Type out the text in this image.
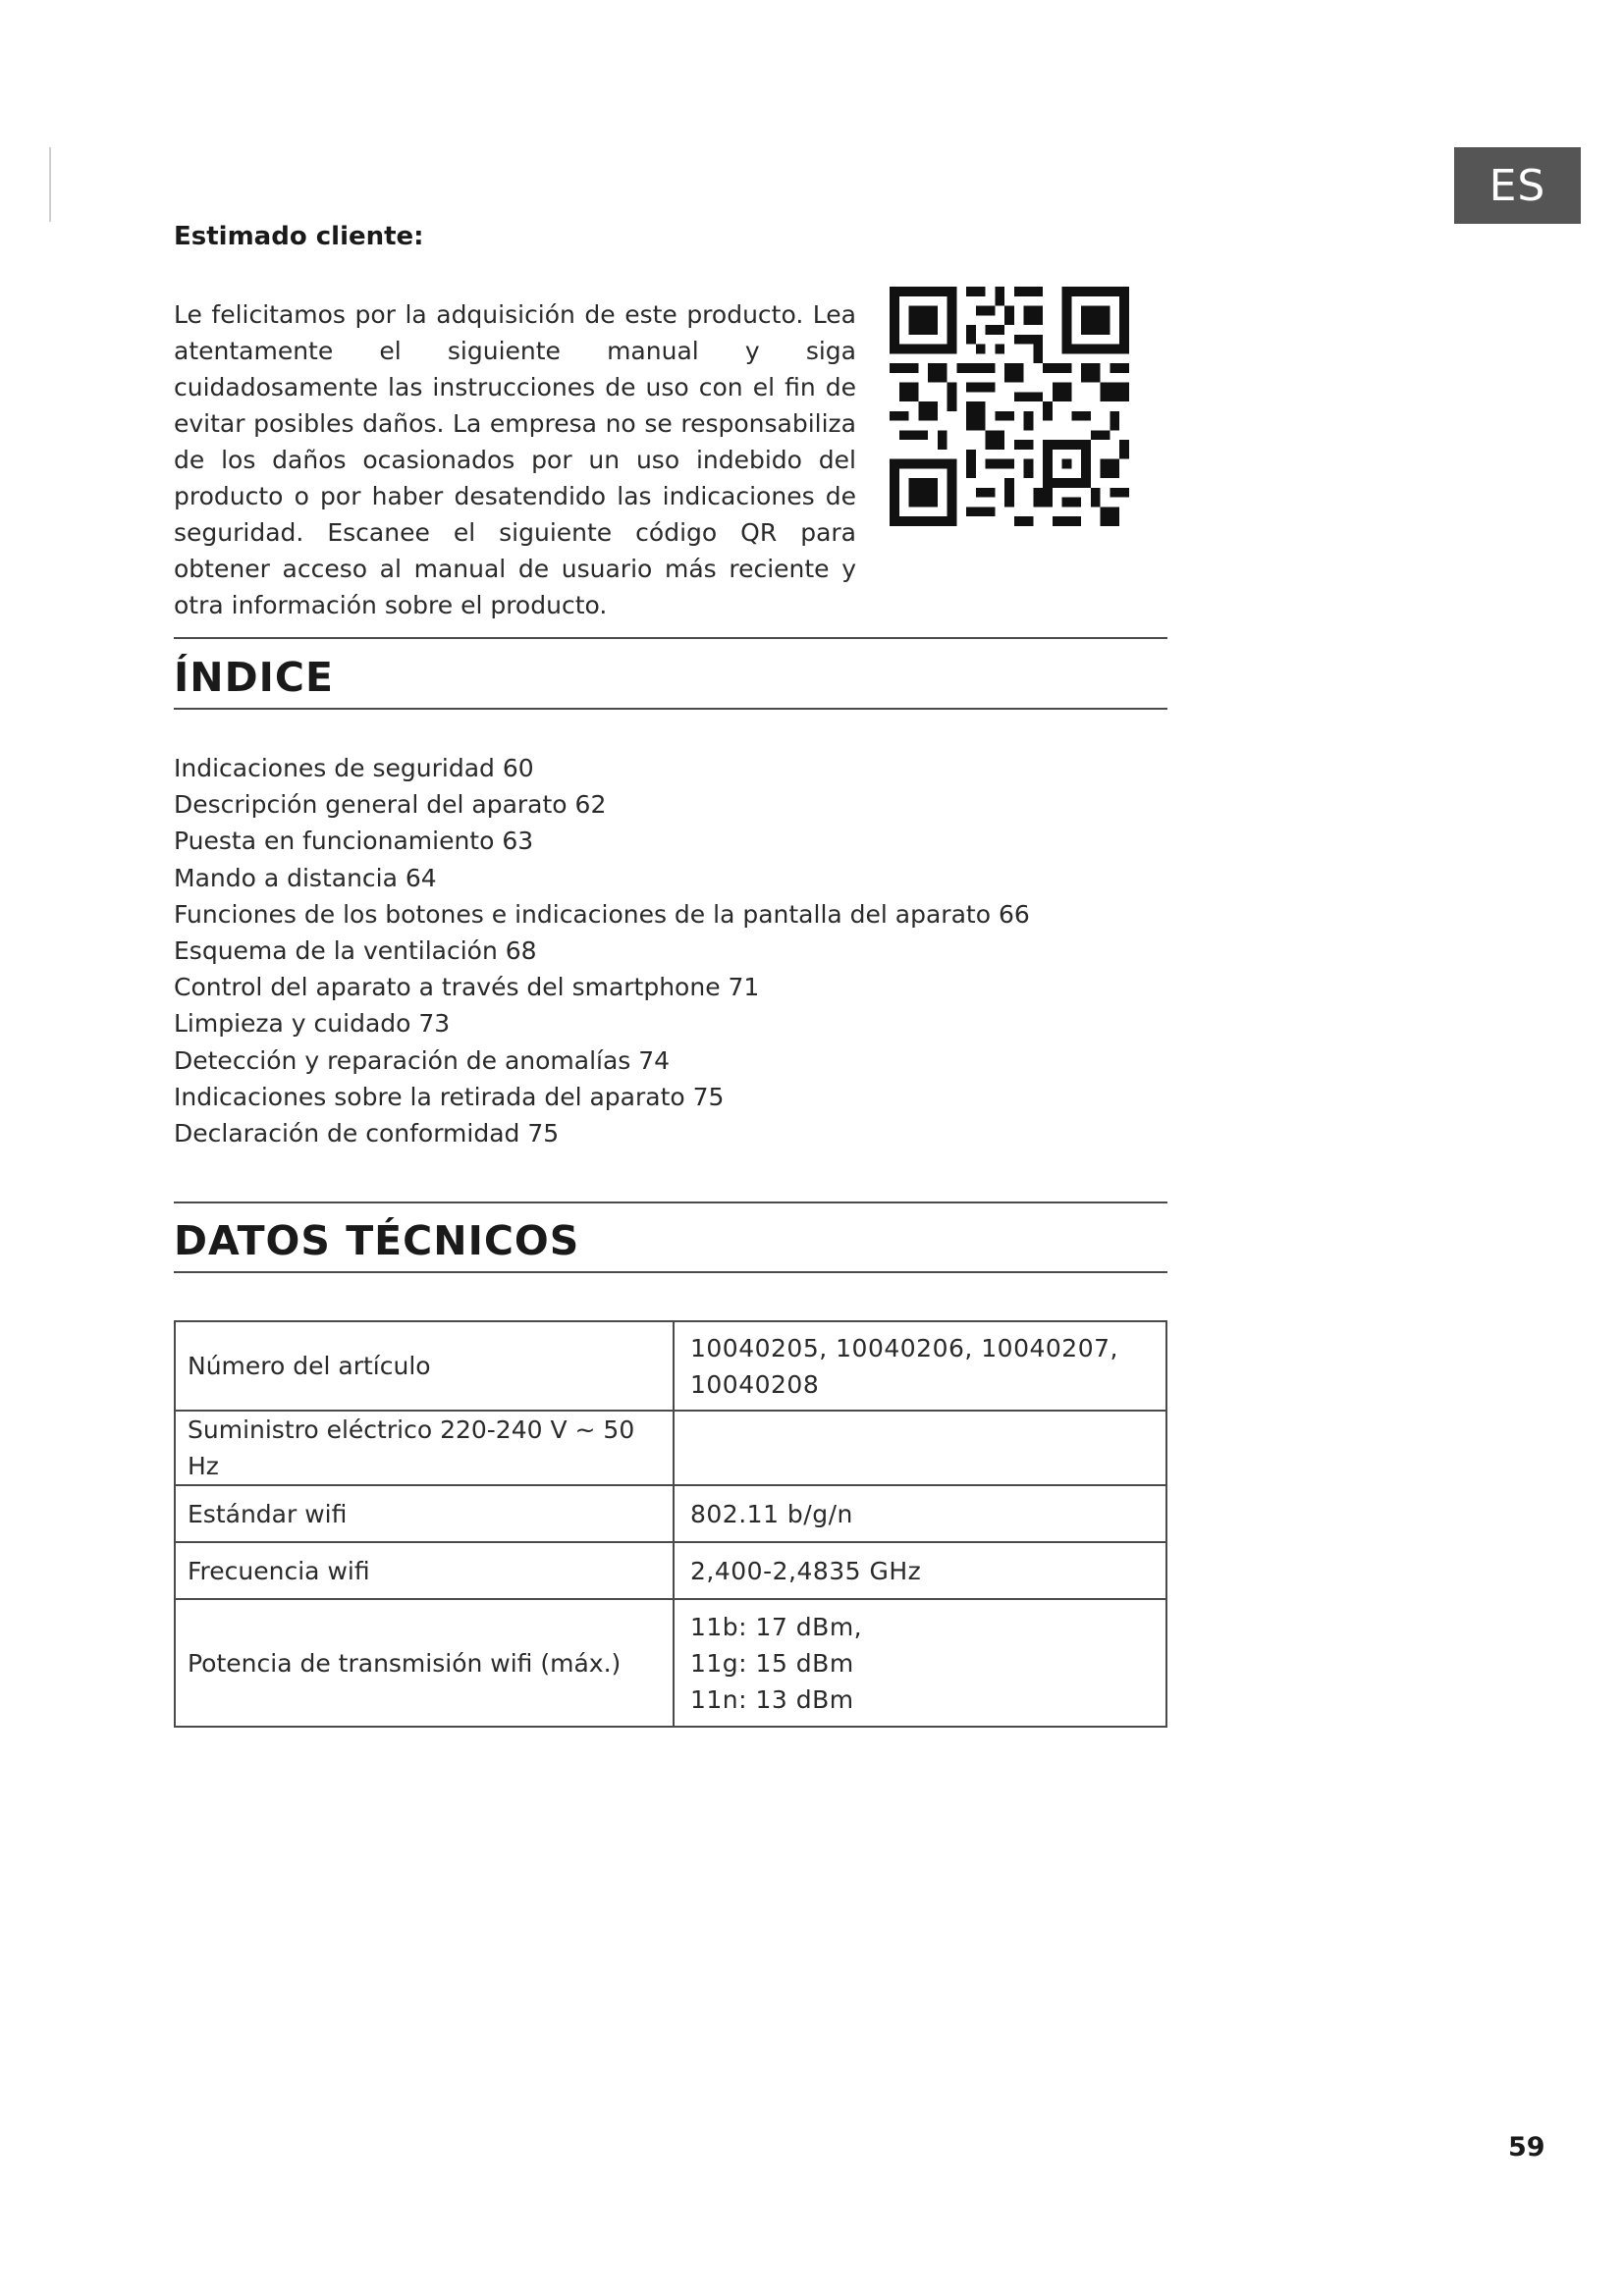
ES

Estimado cliente:

Le felicitamos por la adquisición de este producto. Lea atentamente el siguiente manual y siga cuidadosamente las instrucciones de uso con el fin de evitar posibles daños. La empresa no se responsabiliza de los daños ocasionados por un uso indebido del producto o por haber desatendido las indicaciones de seguridad. Escanee el siguiente código QR para obtener acceso al manual de usuario más reciente y otra información sobre el producto.

ÍNDICE
Indicaciones de seguridad 60
Descripción general del aparato 62
Puesta en funcionamiento 63
Mando a distancia 64
Funciones de los botones e indicaciones de la pantalla del aparato 66
Esquema de la ventilación 68
Control del aparato a través del smartphone 71
Limpieza y cuidado 73
Detección y reparación de anomalías 74
Indicaciones sobre la retirada del aparato 75
Declaración de conformidad 75
DATOS TÉCNICOS
Número del artículo	10040205, 10040206, 10040207,
10040208

Suministro eléctrico 220-240 V ~ 50 Hz	

Estándar wifi	802.11 b/g/n

Frecuencia wifi	2,400-2,4835 GHz

Potencia de transmisión wifi (máx.)	11b: 17 dBm,
11g: 15 dBm
11n: 13 dBm

59
